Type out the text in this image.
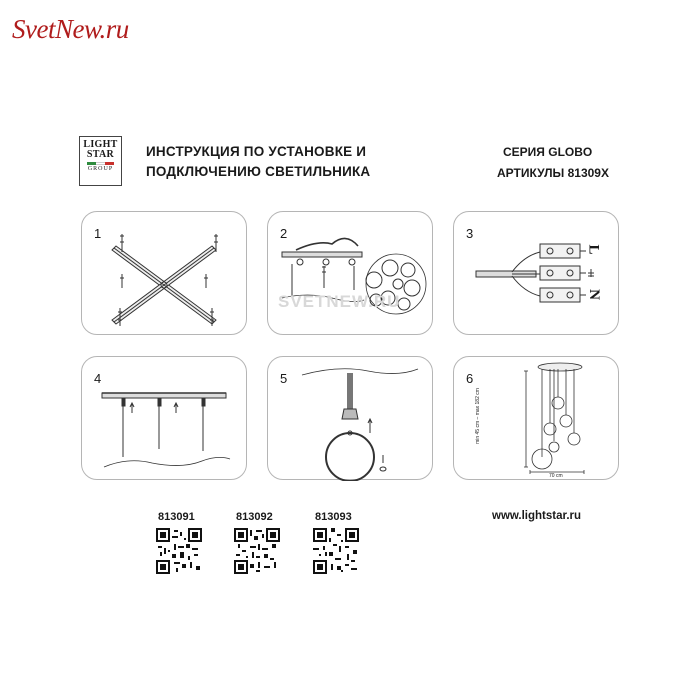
SvetNew.ru
LIGHT
STAR
GROUP
ИНСТРУКЦИЯ ПО УСТАНОВКЕ И
ПОДКЛЮЧЕНИЮ СВЕТИЛЬНИКА
СЕРИЯ GLOBO
АРТИКУЛЫ 81309X
1	2	3
L
N
4	5	6
min 45 cm – max 182 cm
70 cm
SVETNEW.RU
813091	813092	813093	www.lightstar.ru
